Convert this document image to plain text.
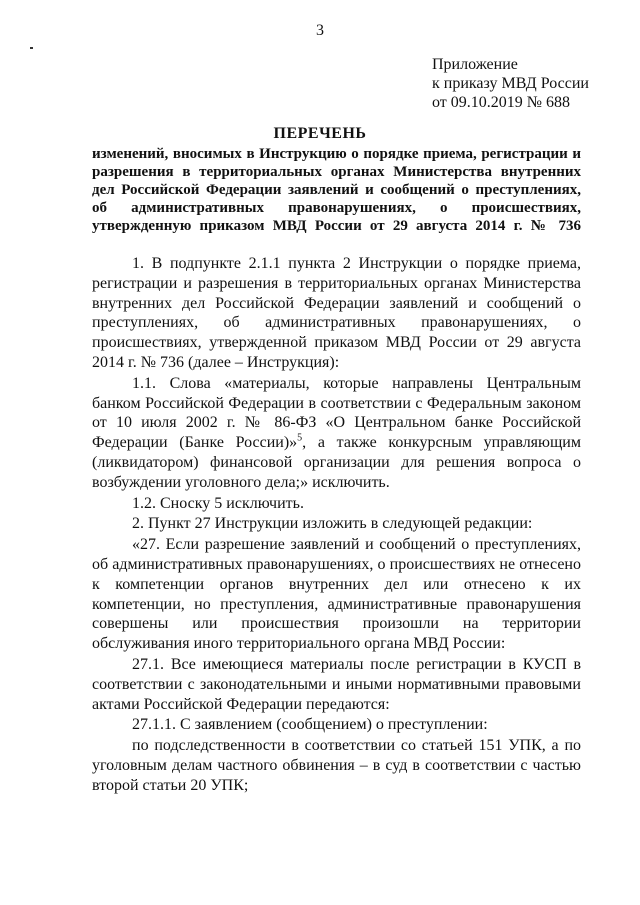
3
Приложение
к приказу МВД России
от 09.10.2019 № 688
ПЕРЕЧЕНЬ
изменений, вносимых в Инструкцию о порядке приема, регистрации и
разрешения в территориальных органах Министерства внутренних
дел Российской Федерации заявлений и сообщений о преступлениях,
об административных правонарушениях, о происшествиях,
утвержденную приказом МВД России от 29 августа 2014 г. № 736

1. В подпункте 2.1.1 пункта 2 Инструкции о порядке приема, регистрации и разрешения в территориальных органах Министерства внутренних дел Российской Федерации заявлений и сообщений о преступлениях, об административных правонарушениях, о происшествиях, утвержденной приказом МВД России от 29 августа 2014 г. № 736 (далее – Инструкция):

1.1. Слова «материалы, которые направлены Центральным банком Российской Федерации в соответствии с Федеральным законом от 10 июля 2002 г. № 86-ФЗ «О Центральном банке Российской Федерации (Банке России)»$^5$, а также конкурсным управляющим (ликвидатором) финансовой организации для решения вопроса о возбуждении уголовного дела;» исключить.

1.2. Сноску 5 исключить.

2. Пункт 27 Инструкции изложить в следующей редакции:

«27. Если разрешение заявлений и сообщений о преступлениях, об административных правонарушениях, о происшествиях не отнесено к компетенции органов внутренних дел или отнесено к их компетенции, но преступления, административные правонарушения совершены или происшествия произошли на территории обслуживания иного территориального органа МВД России:

27.1. Все имеющиеся материалы после регистрации в КУСП в соответствии с законодательными и иными нормативными правовыми актами Российской Федерации передаются:

27.1.1. С заявлением (сообщением) о преступлении:

по подследственности в соответствии со статьей 151 УПК, а по уголовным делам частного обвинения – в суд в соответствии с частью второй статьи 20 УПК;
